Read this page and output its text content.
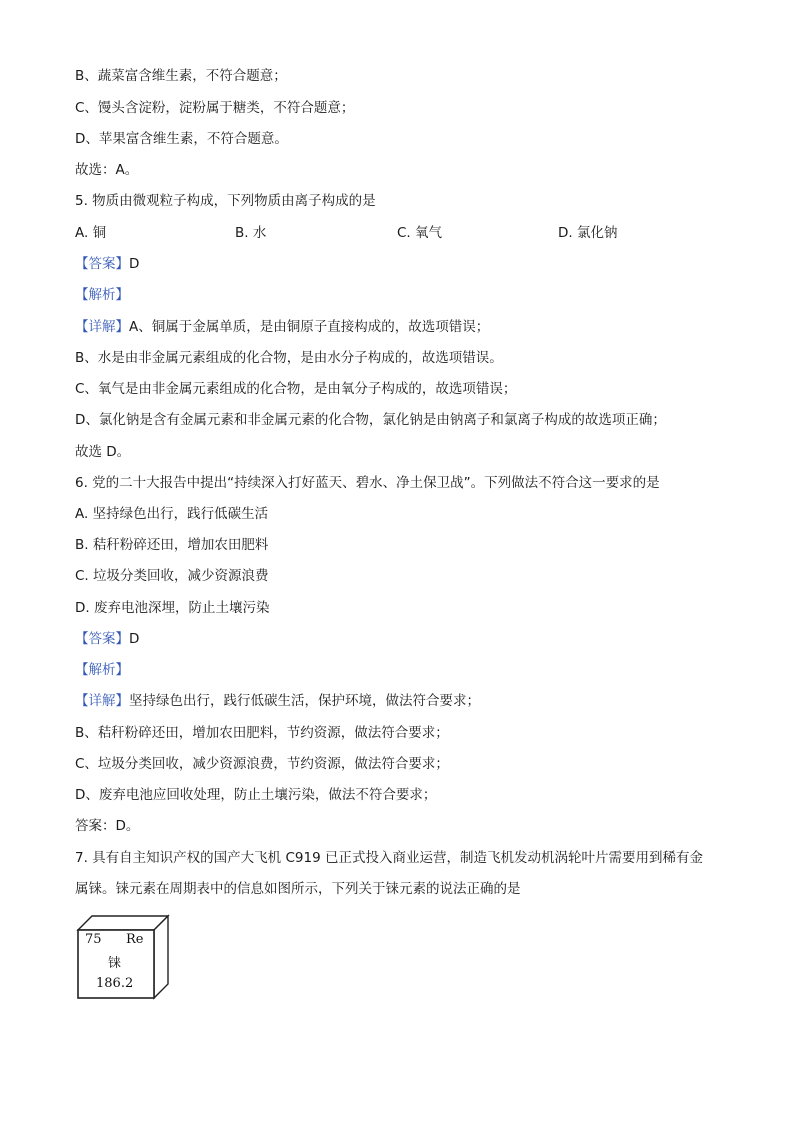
B、蔬菜富含维生素，不符合题意；
C、馒头含淀粉，淀粉属于糖类，不符合题意；
D、苹果富含维生素，不符合题意。
故选：A。
5. 物质由微观粒子构成，下列物质由离子构成的是
A. 铜	B. 水	C. 氧气	D. 氯化钠
【答案】D
【解析】
【详解】A、铜属于金属单质，是由铜原子直接构成的，故选项错误；
B、水是由非金属元素组成的化合物，是由水分子构成的，故选项错误。
C、氧气是由非金属元素组成的化合物，是由氧分子构成的，故选项错误；
D、氯化钠是含有金属元素和非金属元素的化合物，氯化钠是由钠离子和氯离子构成的故选项正确；
故选 D。
6. 党的二十大报告中提出“持续深入打好蓝天、碧水、净土保卫战”。下列做法不符合这一要求的是
A. 坚持绿色出行，践行低碳生活
B. 秸秆粉碎还田，增加农田肥料
C. 垃圾分类回收，减少资源浪费
D. 废弃电池深埋，防止土壤污染
【答案】D
【解析】
【详解】坚持绿色出行，践行低碳生活，保护环境，做法符合要求；
B、秸秆粉碎还田，增加农田肥料，节约资源，做法符合要求；
C、垃圾分类回收，减少资源浪费，节约资源，做法符合要求；
D、废弃电池应回收处理，防止土壤污染，做法不符合要求；
答案：D。
7. 具有自主知识产权的国产大飞机 C919 已正式投入商业运营，制造飞机发动机涡轮叶片需要用到稀有金
属铼。铼元素在周期表中的信息如图所示，下列关于铼元素的说法正确的是
75 Re
铼
186.2
